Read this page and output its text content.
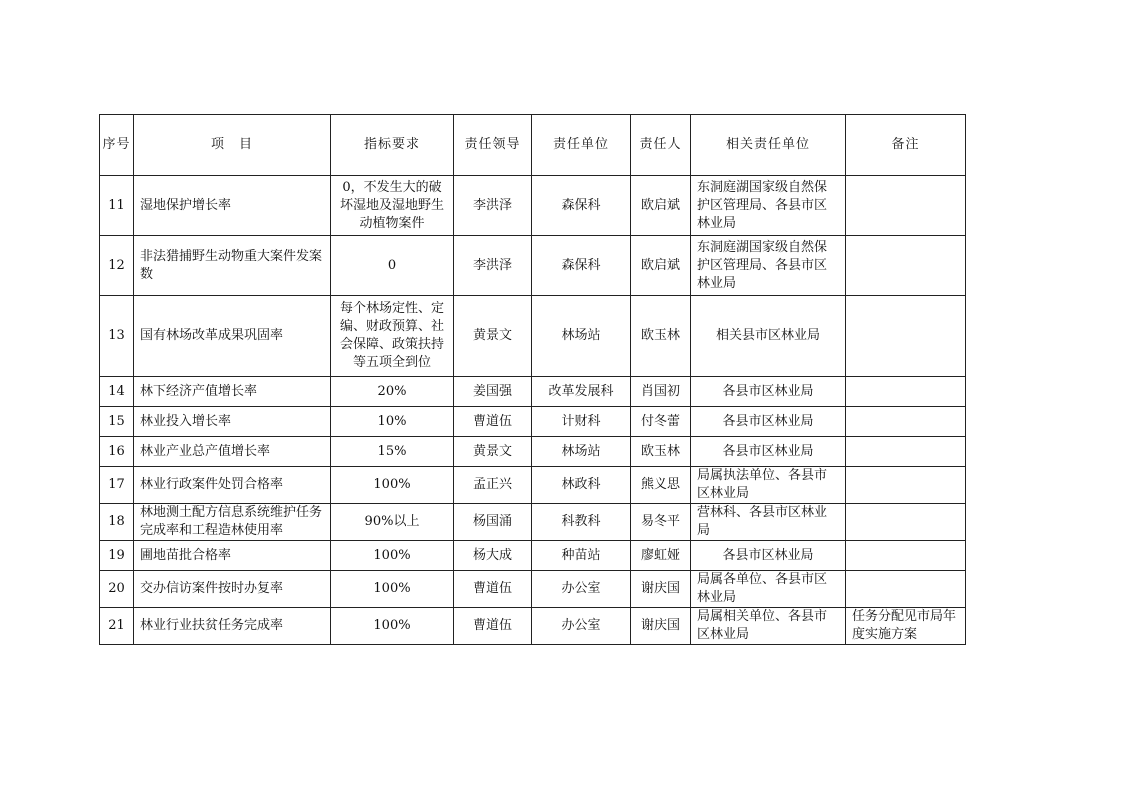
序号	项　目	指标要求	责任领导	责任单位	责任人	相关责任单位	备注
11	湿地保护增长率	0，不发生大的破坏湿地及湿地野生动植物案件	李洪泽	森保科	欧启斌	东洞庭湖国家级自然保护区管理局、各县市区林业局	
12	非法猎捕野生动物重大案件发案数	0	李洪泽	森保科	欧启斌	东洞庭湖国家级自然保护区管理局、各县市区林业局	
13	国有林场改革成果巩固率	每个林场定性、定编、财政预算、社会保障、政策扶持等五项全到位	黄景文	林场站	欧玉林	相关县市区林业局	
14	林下经济产值增长率	20%	姜国强	改革发展科	肖国初	各县市区林业局	
15	林业投入增长率	10%	曹道伍	计财科	付冬蕾	各县市区林业局	
16	林业产业总产值增长率	15%	黄景文	林场站	欧玉林	各县市区林业局	
17	林业行政案件处罚合格率	100%	孟正兴	林政科	熊义思	局属执法单位、各县市区林业局	
18	林地测土配方信息系统维护任务完成率和工程造林使用率	90%以上	杨国涌	科教科	易冬平	营林科、各县市区林业局	
19	圃地苗批合格率	100%	杨大成	种苗站	廖虹娅	各县市区林业局	
20	交办信访案件按时办复率	100%	曹道伍	办公室	谢庆国	局属各单位、各县市区林业局	
21	林业行业扶贫任务完成率	100%	曹道伍	办公室	谢庆国	局属相关单位、各县市区林业局	任务分配见市局年度实施方案
